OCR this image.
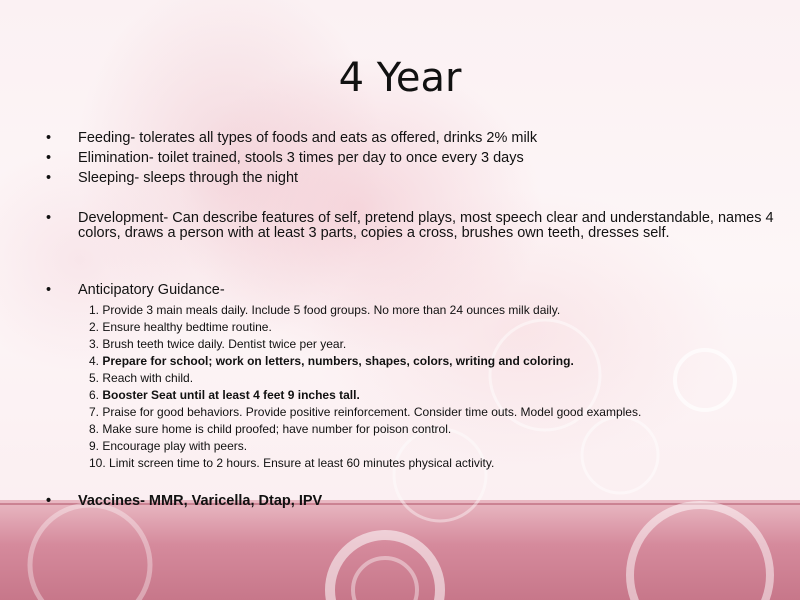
4 Year
•	Feeding- tolerates all types of foods and eats as offered, drinks 2% milk
•	Elimination- toilet trained, stools 3 times per day to once every 3 days
•	Sleeping- sleeps through the night
•	Development- Can describe features of self, pretend plays, most speech clear and understandable, names 4 colors, draws a person with at least 3 parts, copies a cross, brushes own teeth, dresses self.
•	Anticipatory Guidance-
•	Vaccines- MMR, Varicella, Dtap, IPV
1. Provide 3 main meals daily. Include 5 food groups. No more than 24 ounces milk daily.
2. Ensure healthy bedtime routine.
3. Brush teeth twice daily. Dentist twice per year.
4. Prepare for school; work on letters, numbers, shapes, colors, writing and coloring.
5. Reach with child.
6. Booster Seat until at least 4 feet 9 inches tall.
7. Praise for good behaviors. Provide positive reinforcement. Consider time outs. Model good examples.
8. Make sure home is child proofed; have number for poison control.
9. Encourage play with peers.
10. Limit screen time to 2 hours. Ensure at least 60 minutes physical activity.
